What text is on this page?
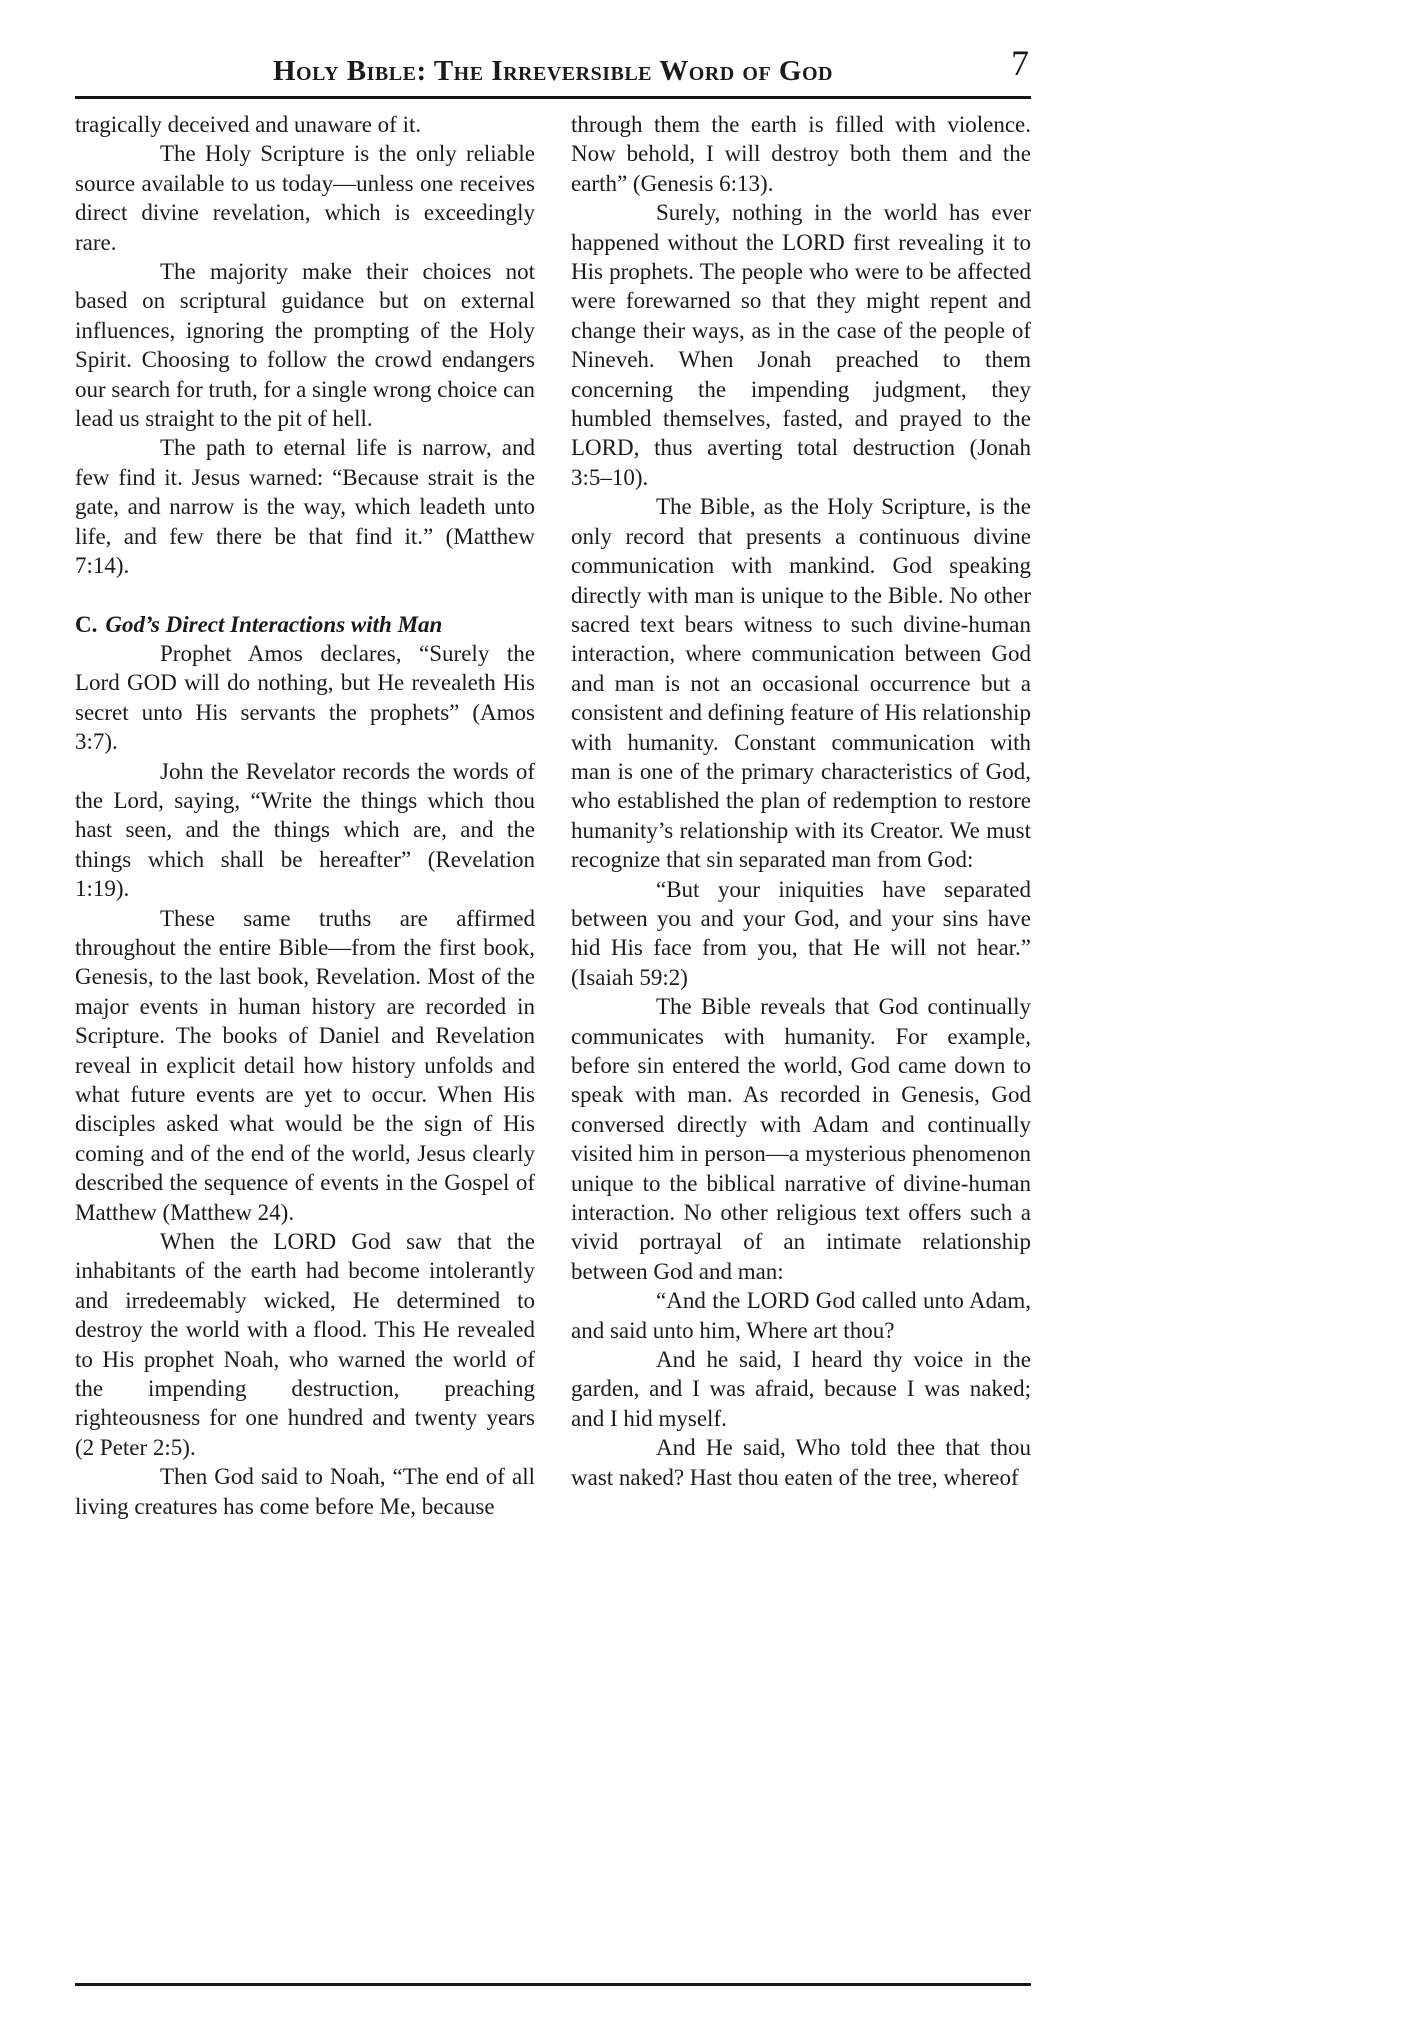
Holy Bible: The Irreversible Word of God	7

tragically deceived and unaware of it.

The Holy Scripture is the only reliable source available to us today—unless one receives direct divine revelation, which is exceedingly rare.

The majority make their choices not based on scriptural guidance but on external influences, ignoring the prompting of the Holy Spirit. Choosing to follow the crowd endangers our search for truth, for a single wrong choice can lead us straight to the pit of hell.

The path to eternal life is narrow, and few find it. Jesus warned: “Because strait is the gate, and narrow is the way, which leadeth unto life, and few there be that find it.” (Matthew 7:14).

C. God’s Direct Interactions with Man

Prophet Amos declares, “Surely the Lord GOD will do nothing, but He revealeth His secret unto His servants the prophets” (Amos 3:7).

John the Revelator records the words of the Lord, saying, “Write the things which thou hast seen, and the things which are, and the things which shall be hereafter” (Revelation 1:19).

These same truths are affirmed throughout the entire Bible—from the first book, Genesis, to the last book, Revelation. Most of the major events in human history are recorded in Scripture. The books of Daniel and Revelation reveal in explicit detail how history unfolds and what future events are yet to occur. When His disciples asked what would be the sign of His coming and of the end of the world, Jesus clearly described the sequence of events in the Gospel of Matthew (Matthew 24).

When the LORD God saw that the inhabitants of the earth had become intolerantly and irredeemably wicked, He determined to destroy the world with a flood. This He revealed to His prophet Noah, who warned the world of the impending destruction, preaching righteousness for one hundred and twenty years (2 Peter 2:5).

Then God said to Noah, “The end of all living creatures has come before Me, because

through them the earth is filled with violence. Now behold, I will destroy both them and the earth” (Genesis 6:13).

Surely, nothing in the world has ever happened without the LORD first revealing it to His prophets. The people who were to be affected were forewarned so that they might repent and change their ways, as in the case of the people of Nineveh. When Jonah preached to them concerning the impending judgment, they humbled themselves, fasted, and prayed to the LORD, thus averting total destruction (Jonah 3:5–10).

The Bible, as the Holy Scripture, is the only record that presents a continuous divine communication with mankind. God speaking directly with man is unique to the Bible. No other sacred text bears witness to such divine-human interaction, where communication between God and man is not an occasional occurrence but a consistent and defining feature of His relationship with humanity. Constant communication with man is one of the primary characteristics of God, who established the plan of redemption to restore humanity’s relationship with its Creator. We must recognize that sin separated man from God:

“But your iniquities have separated between you and your God, and your sins have hid His face from you, that He will not hear.” (Isaiah 59:2)

The Bible reveals that God continually communicates with humanity. For example, before sin entered the world, God came down to speak with man. As recorded in Genesis, God conversed directly with Adam and continually visited him in person—a mysterious phenomenon unique to the biblical narrative of divine-human interaction. No other religious text offers such a vivid portrayal of an intimate relationship between God and man:

“And the LORD God called unto Adam, and said unto him, Where art thou?

And he said, I heard thy voice in the garden, and I was afraid, because I was naked; and I hid myself.

And He said, Who told thee that thou wast naked? Hast thou eaten of the tree, whereof
